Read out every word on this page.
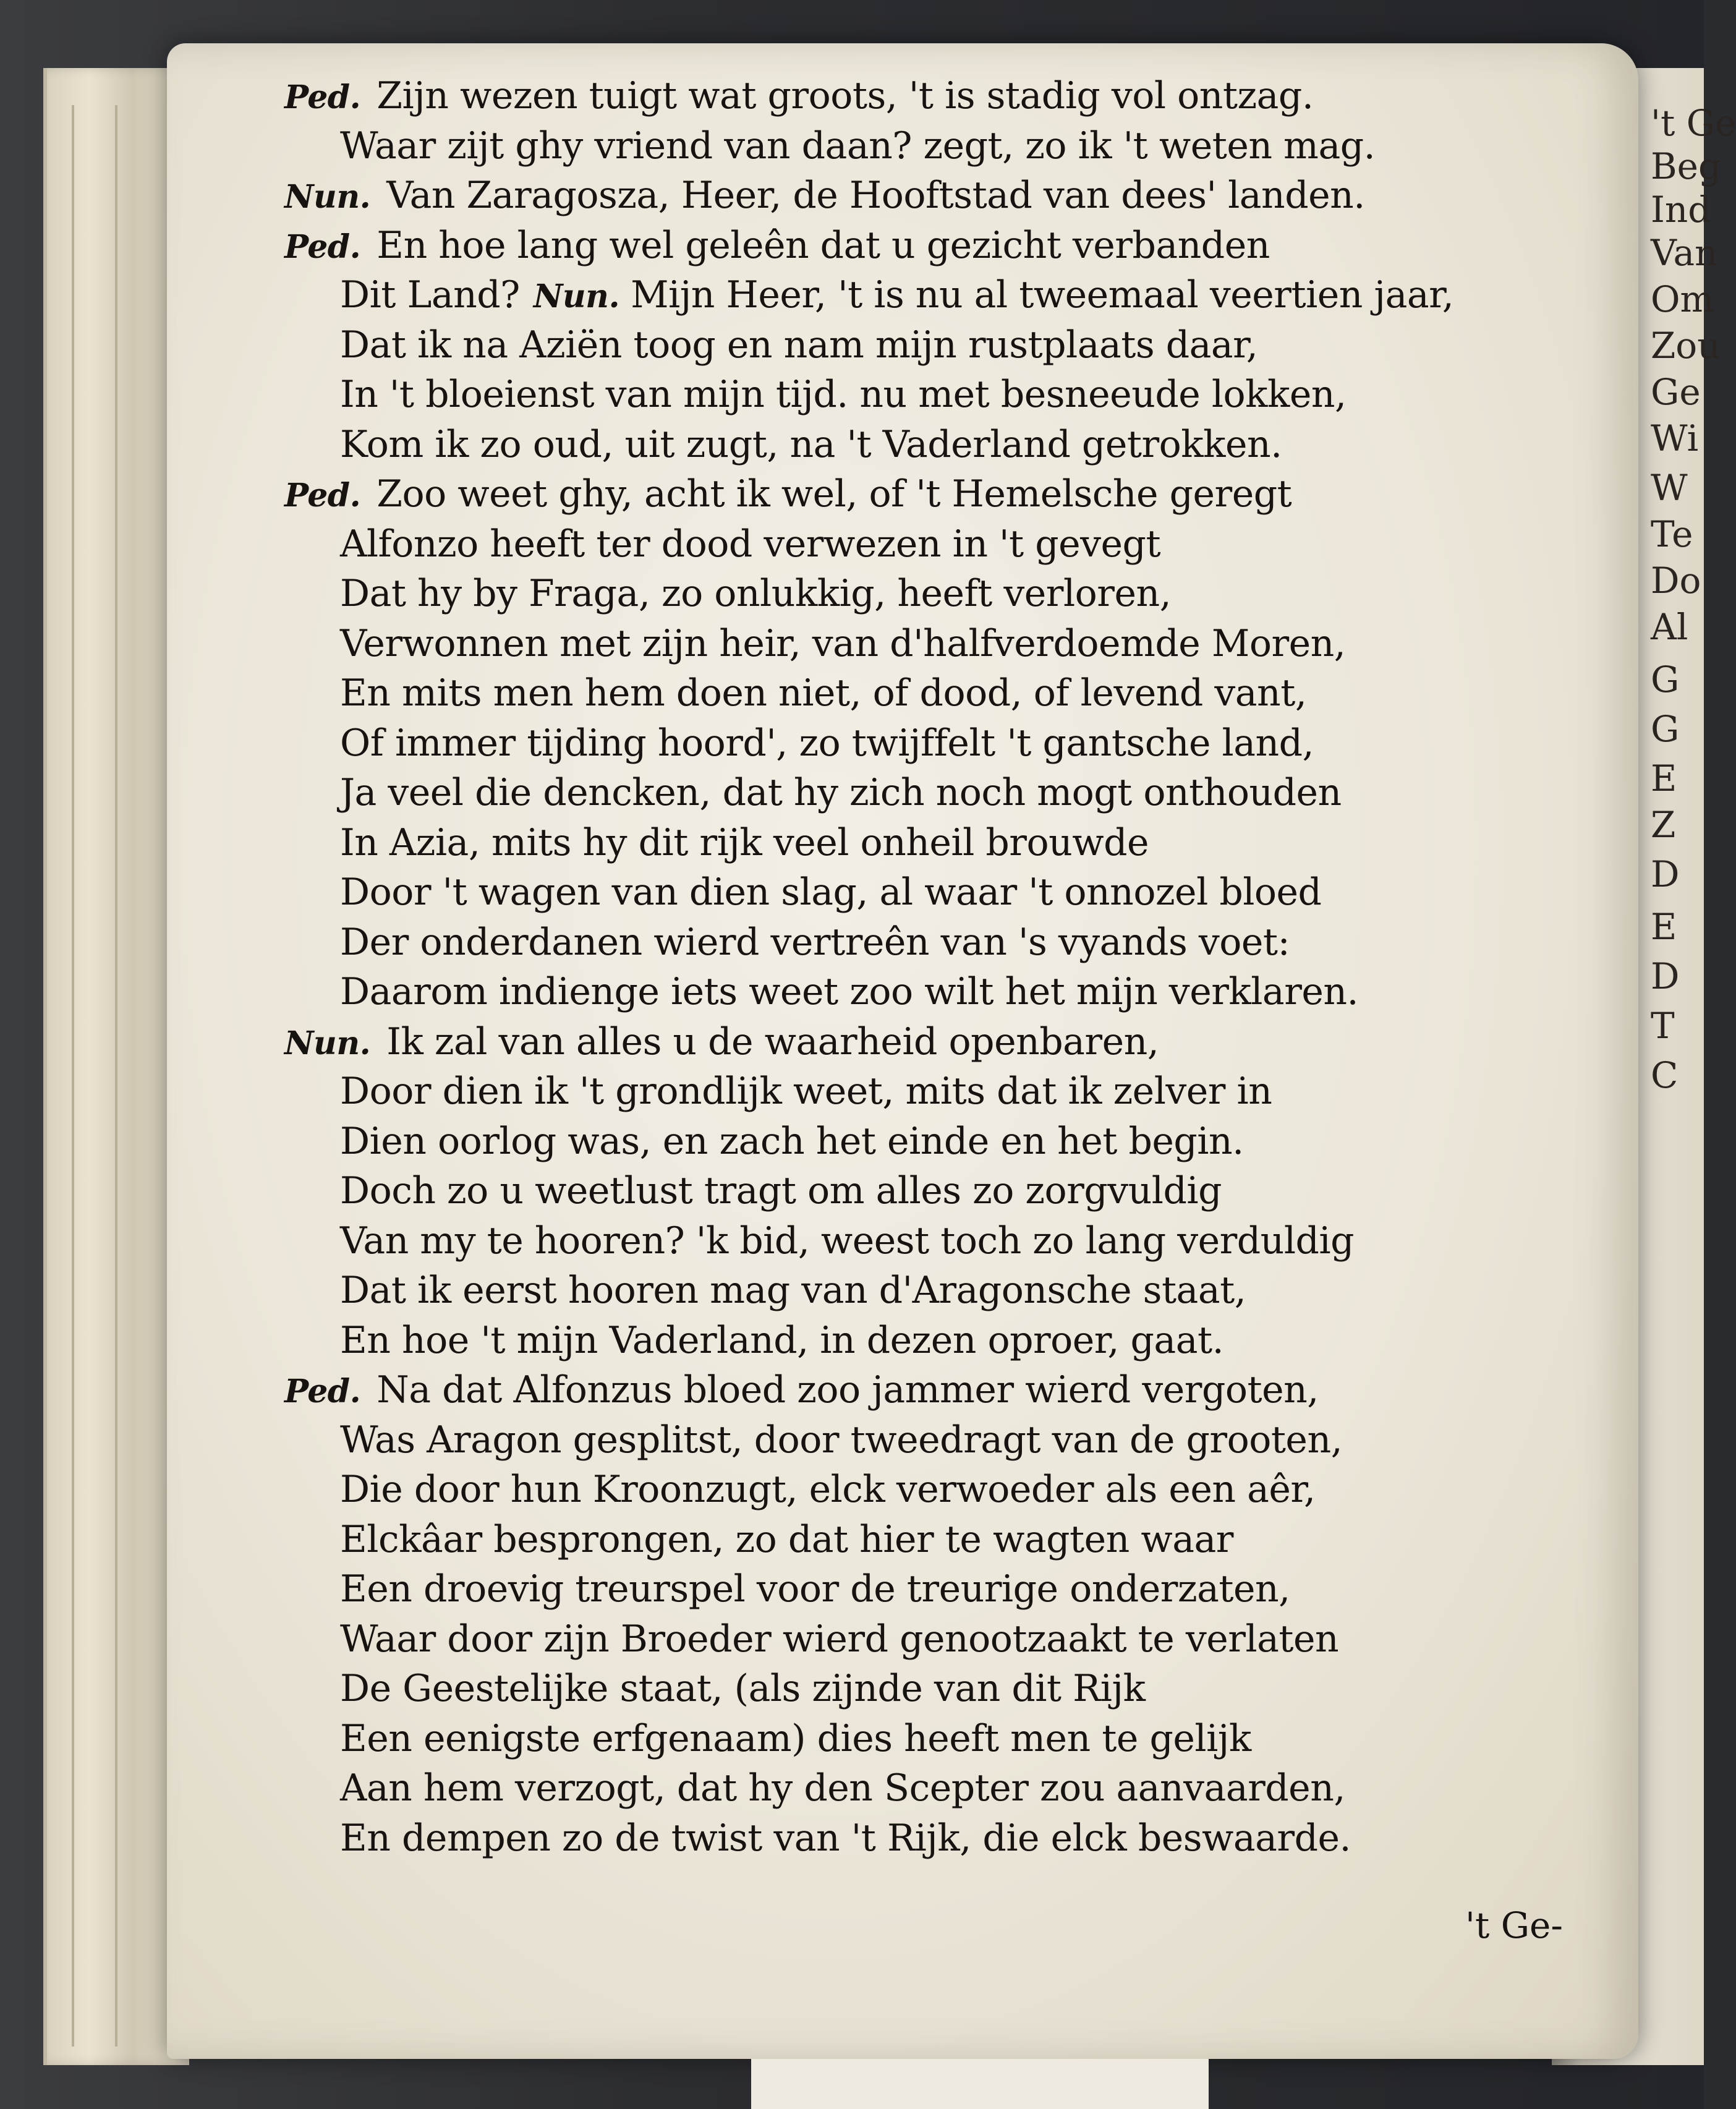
't Ge
Beg
Ind
Van
Om
Zou
Ge
Wi
W
Te
Do
Al
G
G
E
Z
D
E
D
T
C
Ped. Zijn wezen tuigt wat groots, 't is stadig vol ontzag.
Waar zijt ghy vriend van daan? zegt, zo ik 't weten mag.
Nun. Van Zaragosza, Heer, de Hooftstad van dees' landen.
Ped. En hoe lang wel geleên dat u gezicht verbanden
Dit Land? Nun. Mijn Heer, 't is nu al tweemaal veertien jaar,
Dat ik na Aziën toog en nam mijn rustplaats daar,
In 't bloeienst van mijn tijd. nu met besneeude lokken,
Kom ik zo oud, uit zugt, na 't Vaderland getrokken.
Ped. Zoo weet ghy, acht ik wel, of 't Hemelsche geregt
Alfonzo heeft ter dood verwezen in 't gevegt
Dat hy by Fraga, zo onlukkig, heeft verloren,
Verwonnen met zijn heir, van d'halfverdoemde Moren,
En mits men hem doen niet, of dood, of levend vant,
Of immer tijding hoord', zo twijffelt 't gantsche land,
Ja veel die dencken, dat hy zich noch mogt onthouden
In Azia, mits hy dit rijk veel onheil brouwde
Door 't wagen van dien slag, al waar 't onnozel bloed
Der onderdanen wierd vertreên van 's vyands voet:
Daarom indienge iets weet zoo wilt het mijn verklaren.
Nun. Ik zal van alles u de waarheid openbaren,
Door dien ik 't grondlijk weet, mits dat ik zelver in
Dien oorlog was, en zach het einde en het begin.
Doch zo u weetlust tragt om alles zo zorgvuldig
Van my te hooren? 'k bid, weest toch zo lang verduldig
Dat ik eerst hooren mag van d'Aragonsche staat,
En hoe 't mijn Vaderland, in dezen oproer, gaat.
Ped. Na dat Alfonzus bloed zoo jammer wierd vergoten,
Was Aragon gesplitst, door tweedragt van de grooten,
Die door hun Kroonzugt, elck verwoeder als een aêr,
Elckâar besprongen, zo dat hier te wagten waar
Een droevig treurspel voor de treurige onderzaten,
Waar door zijn Broeder wierd genootzaakt te verlaten
De Geestelijke staat, (als zijnde van dit Rijk
Een eenigste erfgenaam) dies heeft men te gelijk
Aan hem verzogt, dat hy den Scepter zou aanvaarden,
En dempen zo de twist van 't Rijk, die elck beswaarde.
't Ge-
